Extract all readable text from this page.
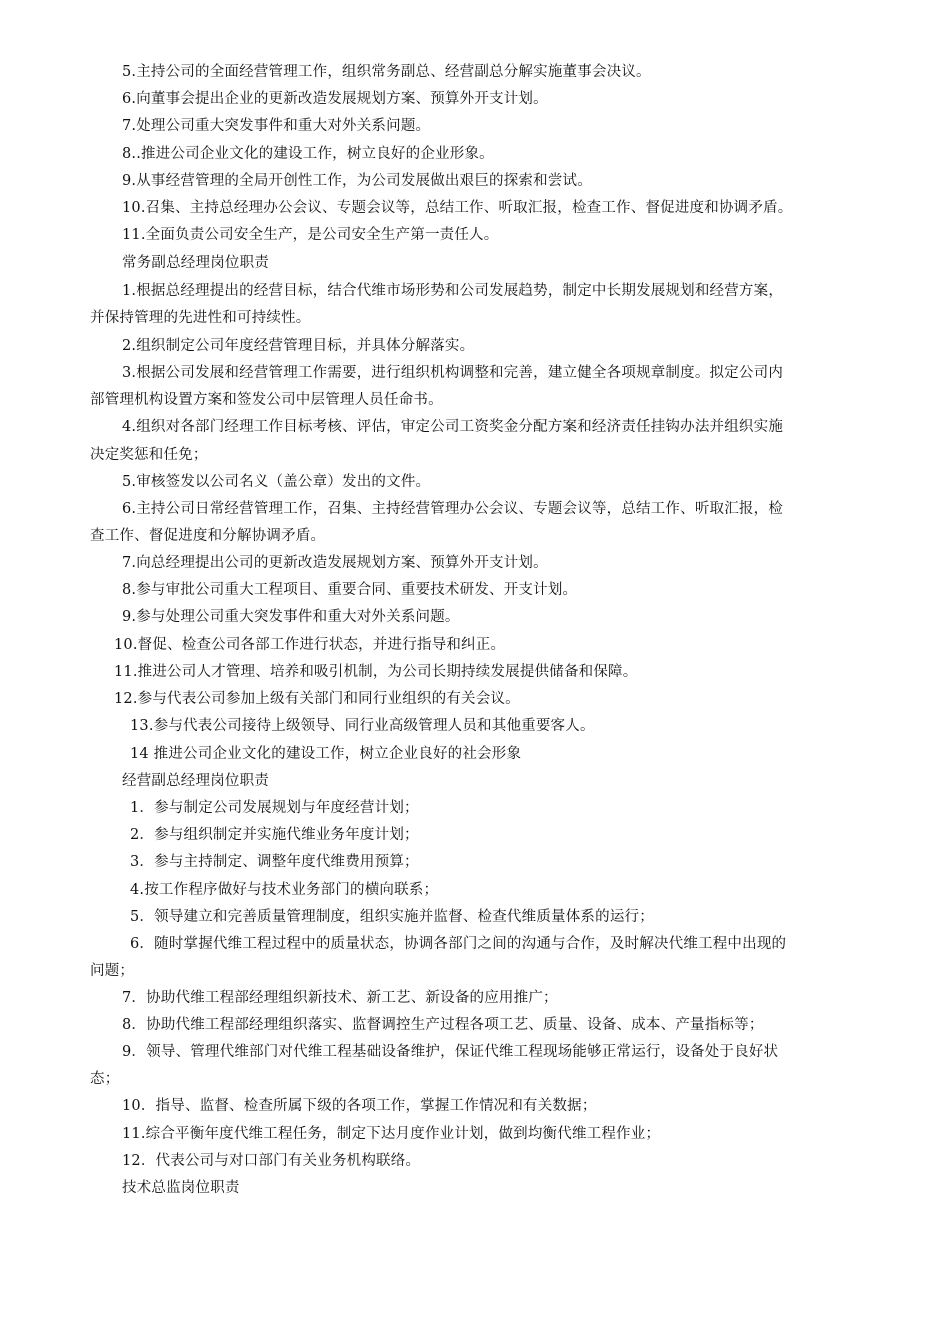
5.主持公司的全面经营管理工作，组织常务副总、经营副总分解实施董事会决议。
6.向董事会提出企业的更新改造发展规划方案、预算外开支计划。
7.处理公司重大突发事件和重大对外关系问题。
8..推进公司企业文化的建设工作，树立良好的企业形象。
9.从事经营管理的全局开创性工作，为公司发展做出艰巨的探索和尝试。
10.召集、主持总经理办公会议、专题会议等，总结工作、听取汇报，检查工作、督促进度和协调矛盾。
11.全面负责公司安全生产，是公司安全生产第一责任人。
常务副总经理岗位职责
1.根据总经理提出的经营目标，结合代维市场形势和公司发展趋势，制定中长期发展规划和经营方案，
并保持管理的先进性和可持续性。
2.组织制定公司年度经营管理目标，并具体分解落实。
3.根据公司发展和经营管理工作需要，进行组织机构调整和完善，建立健全各项规章制度。拟定公司内
部管理机构设置方案和签发公司中层管理人员任命书。
4.组织对各部门经理工作目标考核、评估，审定公司工资奖金分配方案和经济责任挂钩办法并组织实施
决定奖惩和任免；
5.审核签发以公司名义（盖公章）发出的文件。
6.主持公司日常经营管理工作，召集、主持经营管理办公会议、专题会议等，总结工作、听取汇报，检
查工作、督促进度和分解协调矛盾。
7.向总经理提出公司的更新改造发展规划方案、预算外开支计划。
8.参与审批公司重大工程项目、重要合同、重要技术研发、开支计划。
9.参与处理公司重大突发事件和重大对外关系问题。
10.督促、检查公司各部工作进行状态，并进行指导和纠正。
11.推进公司人才管理、培养和吸引机制，为公司长期持续发展提供储备和保障。
12.参与代表公司参加上级有关部门和同行业组织的有关会议。
13.参与代表公司接待上级领导、同行业高级管理人员和其他重要客人。
14 推进公司企业文化的建设工作，树立企业良好的社会形象
经营副总经理岗位职责
1．参与制定公司发展规划与年度经营计划；
2．参与组织制定并实施代维业务年度计划；
3．参与主持制定、调整年度代维费用预算；
4.按工作程序做好与技术业务部门的横向联系；
5．领导建立和完善质量管理制度，组织实施并监督、检查代维质量体系的运行；
6．随时掌握代维工程过程中的质量状态，协调各部门之间的沟通与合作，及时解决代维工程中出现的
问题；
7．协助代维工程部经理组织新技术、新工艺、新设备的应用推广；
8．协助代维工程部经理组织落实、监督调控生产过程各项工艺、质量、设备、成本、产量指标等；
9．领导、管理代维部门对代维工程基础设备维护，保证代维工程现场能够正常运行，设备处于良好状
态；
10．指导、监督、检查所属下级的各项工作，掌握工作情况和有关数据；
11.综合平衡年度代维工程任务，制定下达月度作业计划，做到均衡代维工程作业；
12．代表公司与对口部门有关业务机构联络。
技术总监岗位职责
